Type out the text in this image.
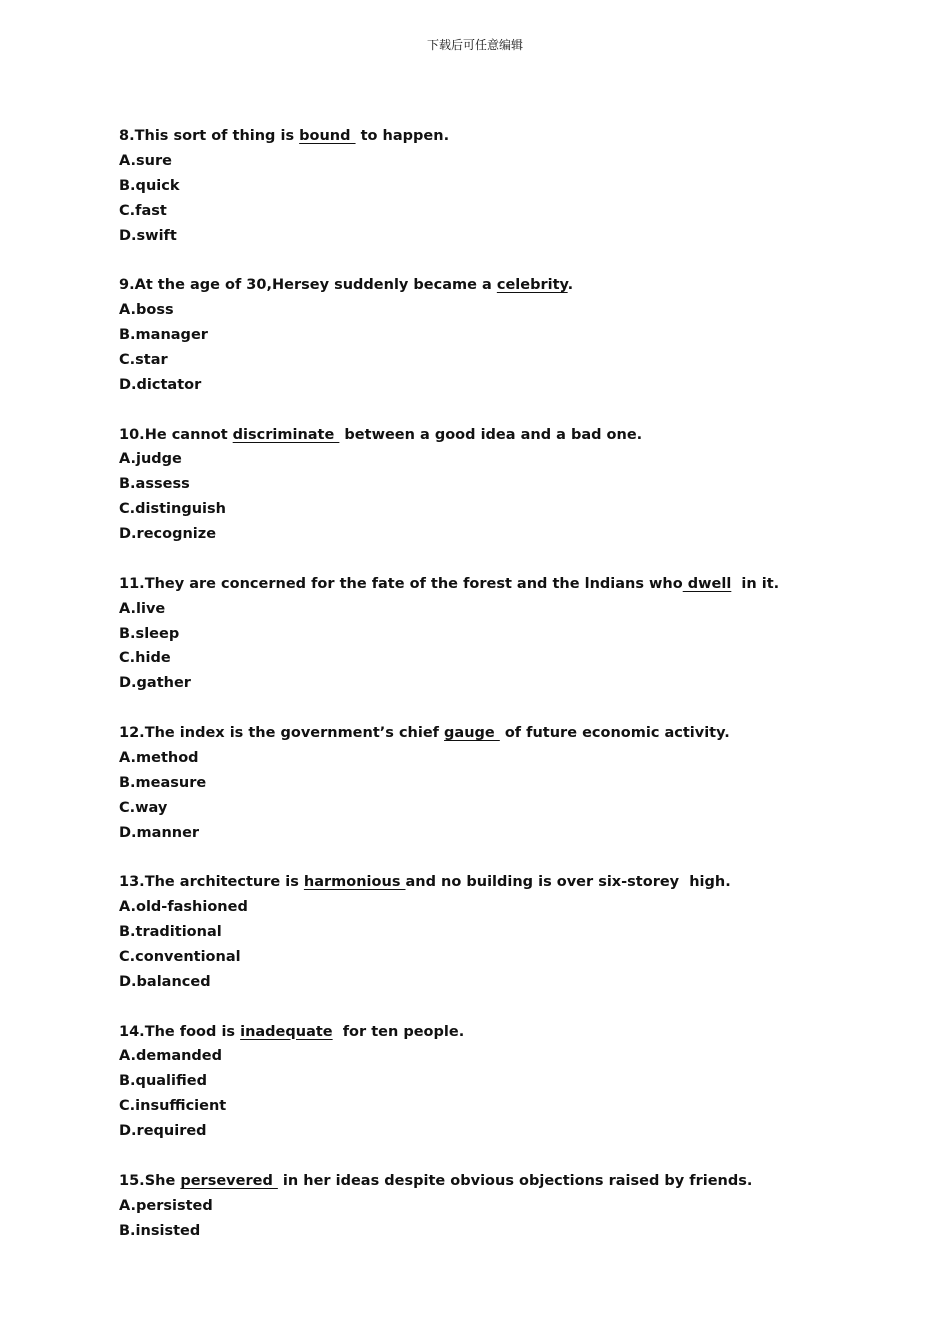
下载后可任意编辑
8.This sort of thing is bound  to happen.
A.sure
B.quick
C.fast
D.swift
9.At the age of 30,Hersey suddenly became a celebrity.
A.boss
B.manager
C.star
D.dictator
10.He cannot discriminate  between a good idea and a bad one.
A.judge
B.assess
C.distinguish
D.recognize
11.They are concerned for the fate of the forest and the lndians who dwell  in it.
A.live
B.sleep
C.hide
D.gather
12.The index is the government’s chief gauge  of future economic activity.
A.method
B.measure
C.way
D.manner
13.The architecture is harmonious and no building is over six-storey  high.
A.old-fashioned
B.traditional
C.conventional
D.balanced
14.The food is inadequate  for ten people.
A.demanded
B.qualified
C.insufficient
D.required
15.She persevered  in her ideas despite obvious objections raised by friends.
A.persisted
B.insisted
